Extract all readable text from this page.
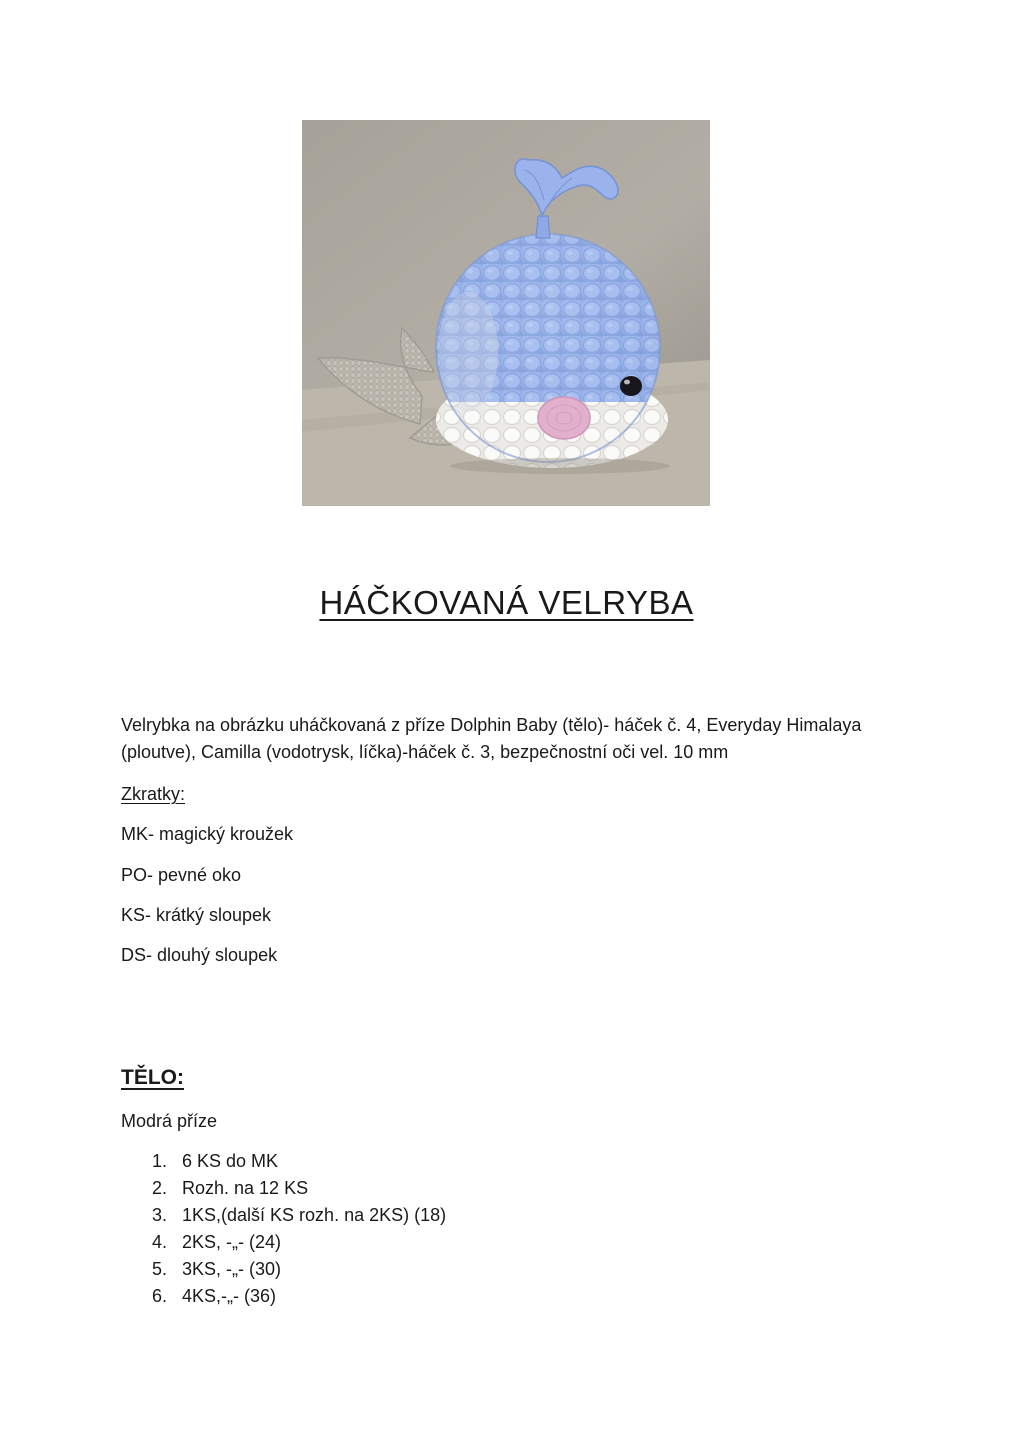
HÁČKOVANÁ VELRYBA

Velrybka na obrázku uháčkovaná z příze Dolphin Baby (tělo)- háček č. 4, Everyday Himalaya (ploutve), Camilla (vodotrysk, líčka)-háček č. 3, bezpečnostní oči vel. 10 mm

Zkratky:

MK- magický kroužek

PO- pevné oko

KS- krátký sloupek

DS- dlouhý sloupek

TĚLO:

Modrá příze

1. 6 KS do MK
2. Rozh. na 12 KS
3. 1KS,(další KS rozh. na 2KS) (18)
4. 2KS, -„- (24)
5. 3KS, -„- (30)
6. 4KS,-„- (36)
